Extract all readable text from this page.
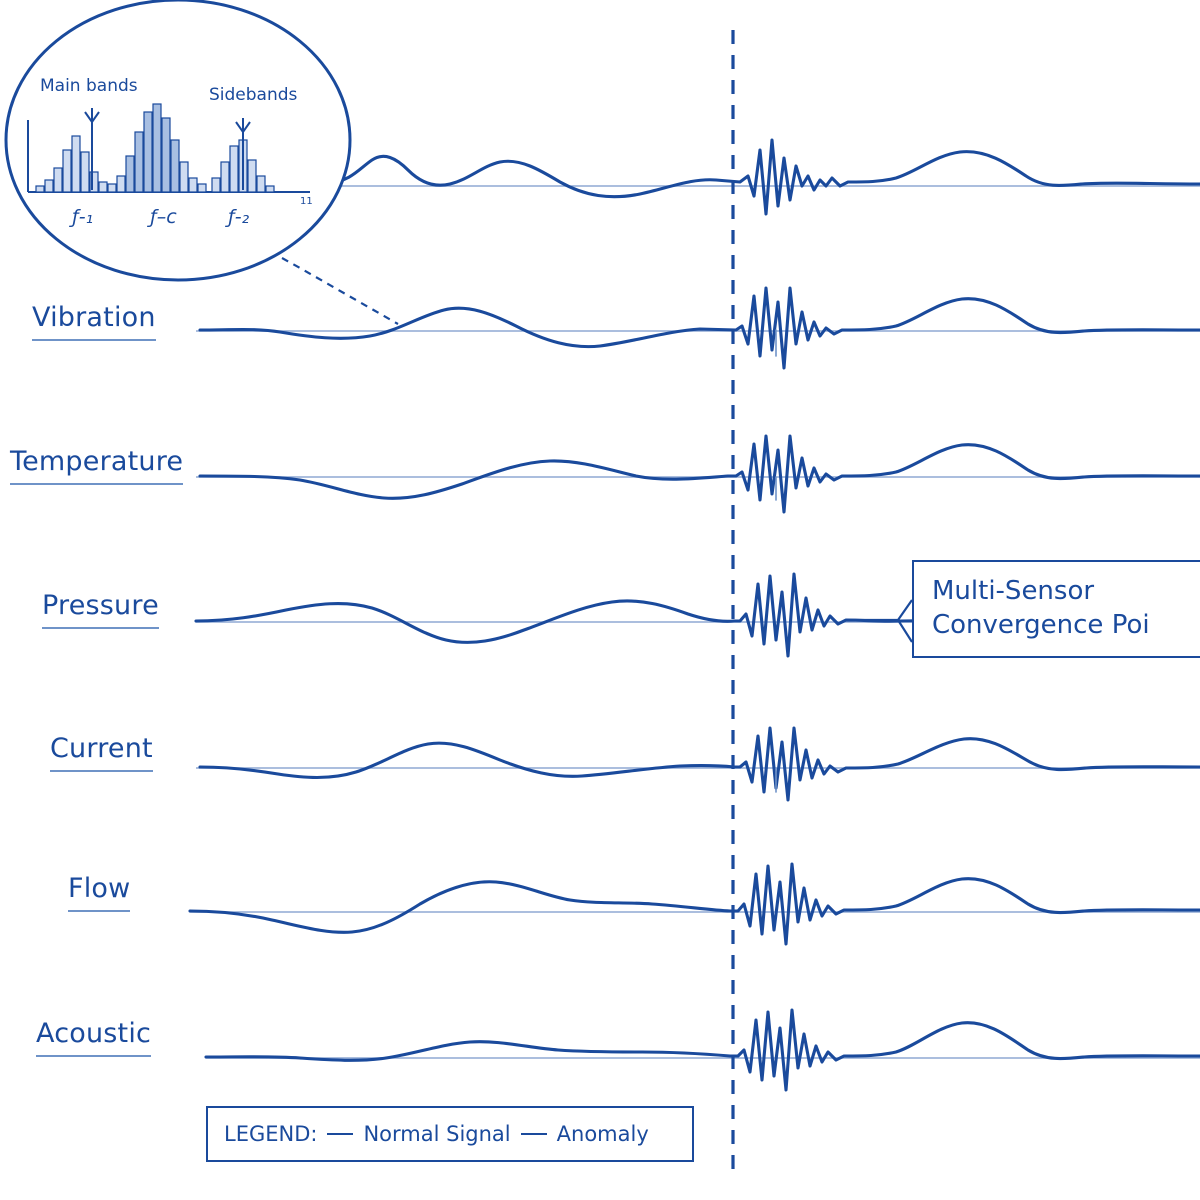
Main bands	Sidebands
11
ƒ-₁	ƒ–c	ƒ-₂
Vibration
Temperature
Pressure
Current
Flow
Acoustic
Multi-Sensor
Convergence Poi
LEGEND: Normal Signal Anomaly
